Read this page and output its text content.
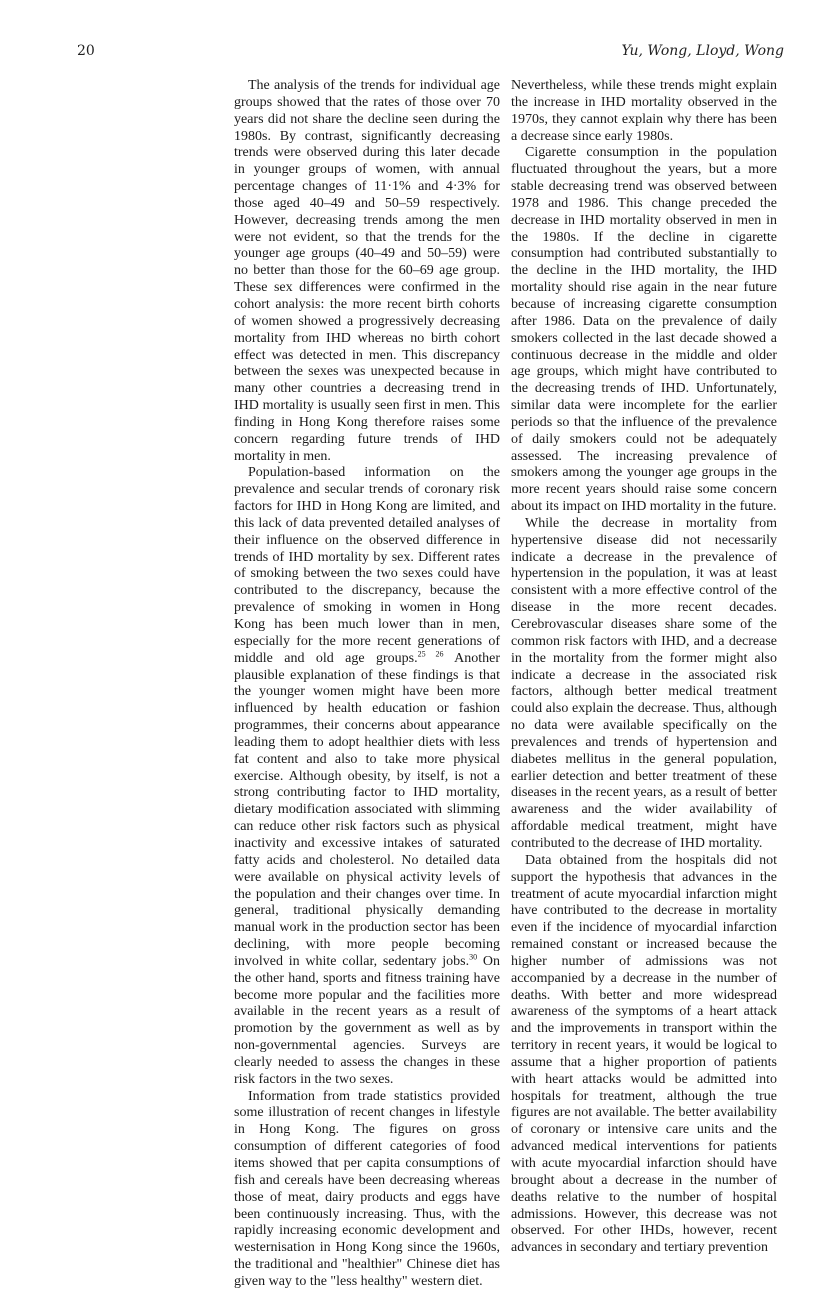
20	Yu, Wong, Lloyd, Wong

The analysis of the trends for individual age groups showed that the rates of those over 70 years did not share the decline seen during the 1980s. By contrast, significantly decreasing trends were observed during this later decade in younger groups of women, with annual percentage changes of 11·1% and 4·3% for those aged 40–49 and 50–59 respectively. However, decreasing trends among the men were not evident, so that the trends for the younger age groups (40–49 and 50–59) were no better than those for the 60–69 age group. These sex differences were confirmed in the cohort analysis: the more recent birth cohorts of women showed a progressively decreasing mortality from IHD whereas no birth cohort effect was detected in men. This discrepancy between the sexes was unexpected because in many other countries a decreasing trend in IHD mortality is usually seen first in men. This finding in Hong Kong therefore raises some concern regarding future trends of IHD mortality in men.

Population-based information on the prevalence and secular trends of coronary risk factors for IHD in Hong Kong are limited, and this lack of data prevented detailed analyses of their influence on the observed difference in trends of IHD mortality by sex. Different rates of smoking between the two sexes could have contributed to the discrepancy, because the prevalence of smoking in women in Hong Kong has been much lower than in men, especially for the more recent generations of middle and old age groups.$^{25 26}$ Another plausible explanation of these findings is that the younger women might have been more influenced by health education or fashion programmes, their concerns about appearance leading them to adopt healthier diets with less fat content and also to take more physical exercise. Although obesity, by itself, is not a strong contributing factor to IHD mortality, dietary modification associated with slimming can reduce other risk factors such as physical inactivity and excessive intakes of saturated fatty acids and cholesterol. No detailed data were available on physical activity levels of the population and their changes over time. In general, traditional physically demanding manual work in the production sector has been declining, with more people becoming involved in white collar, sedentary jobs.$^{30}$ On the other hand, sports and fitness training have become more popular and the facilities more available in the recent years as a result of promotion by the government as well as by non-governmental agencies. Surveys are clearly needed to assess the changes in these risk factors in the two sexes.

Information from trade statistics provided some illustration of recent changes in lifestyle in Hong Kong. The figures on gross consumption of different categories of food items showed that per capita consumptions of fish and cereals have been decreasing whereas those of meat, dairy products and eggs have been continuously increasing. Thus, with the rapidly increasing economic development and westernisation in Hong Kong since the 1960s, the traditional and "healthier" Chinese diet has given way to the "less healthy" western diet.

Nevertheless, while these trends might explain the increase in IHD mortality observed in the 1970s, they cannot explain why there has been a decrease since early 1980s.

Cigarette consumption in the population fluctuated throughout the years, but a more stable decreasing trend was observed between 1978 and 1986. This change preceded the decrease in IHD mortality observed in men in the 1980s. If the decline in cigarette consumption had contributed substantially to the decline in the IHD mortality, the IHD mortality should rise again in the near future because of increasing cigarette consumption after 1986. Data on the prevalence of daily smokers collected in the last decade showed a continuous decrease in the middle and older age groups, which might have contributed to the decreasing trends of IHD. Unfortunately, similar data were incomplete for the earlier periods so that the influence of the prevalence of daily smokers could not be adequately assessed. The increasing prevalence of smokers among the younger age groups in the more recent years should raise some concern about its impact on IHD mortality in the future.

While the decrease in mortality from hypertensive disease did not necessarily indicate a decrease in the prevalence of hypertension in the population, it was at least consistent with a more effective control of the disease in the more recent decades. Cerebrovascular diseases share some of the common risk factors with IHD, and a decrease in the mortality from the former might also indicate a decrease in the associated risk factors, although better medical treatment could also explain the decrease. Thus, although no data were available specifically on the prevalences and trends of hypertension and diabetes mellitus in the general population, earlier detection and better treatment of these diseases in the recent years, as a result of better awareness and the wider availability of affordable medical treatment, might have contributed to the decrease of IHD mortality.

Data obtained from the hospitals did not support the hypothesis that advances in the treatment of acute myocardial infarction might have contributed to the decrease in mortality even if the incidence of myocardial infarction remained constant or increased because the higher number of admissions was not accompanied by a decrease in the number of deaths. With better and more widespread awareness of the symptoms of a heart attack and the improvements in transport within the territory in recent years, it would be logical to assume that a higher proportion of patients with heart attacks would be admitted into hospitals for treatment, although the true figures are not available. The better availability of coronary or intensive care units and the advanced medical interventions for patients with acute myocardial infarction should have brought about a decrease in the number of deaths relative to the number of hospital admissions. However, this decrease was not observed. For other IHDs, however, recent advances in secondary and tertiary prevention
